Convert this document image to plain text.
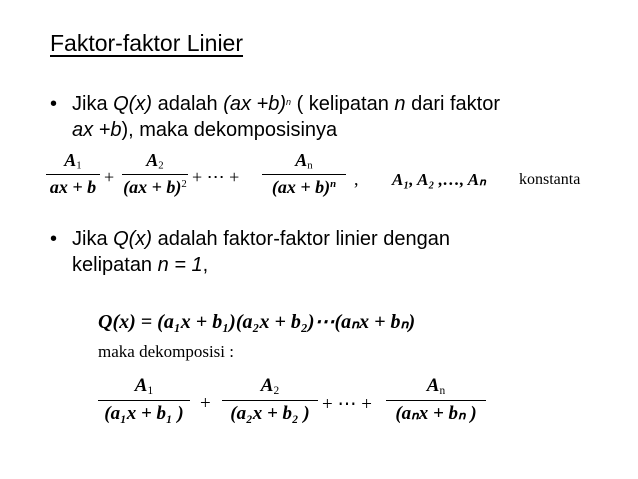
Faktor-faktor Linier
• Jika Q(x) adalah (ax +b)$^n$ ( kelipatan n dari faktor
ax +b), maka dekomposisinya
$\frac{A_1}{ax + b} + \frac{A_2}{(ax + b)^2}$ + ⋯ + $\frac{A_n}{(ax + b)^n}$ , A₁, A₂ ,…, Aₙ konstanta
• Jika Q(x) adalah faktor-faktor linier dengan
kelipatan n = 1,
Q(x) = (a₁x + b₁)(a₂x + b₂)⋯(aₙx + bₙ)
maka dekomposisi :
$\frac{A_1}{\text{(a₁x + b₁ )}} + \frac{A_2}{\text{(a₂x + b₂ )}}$ + ⋯ +
$A_n$
(aₙx + bₙ )
